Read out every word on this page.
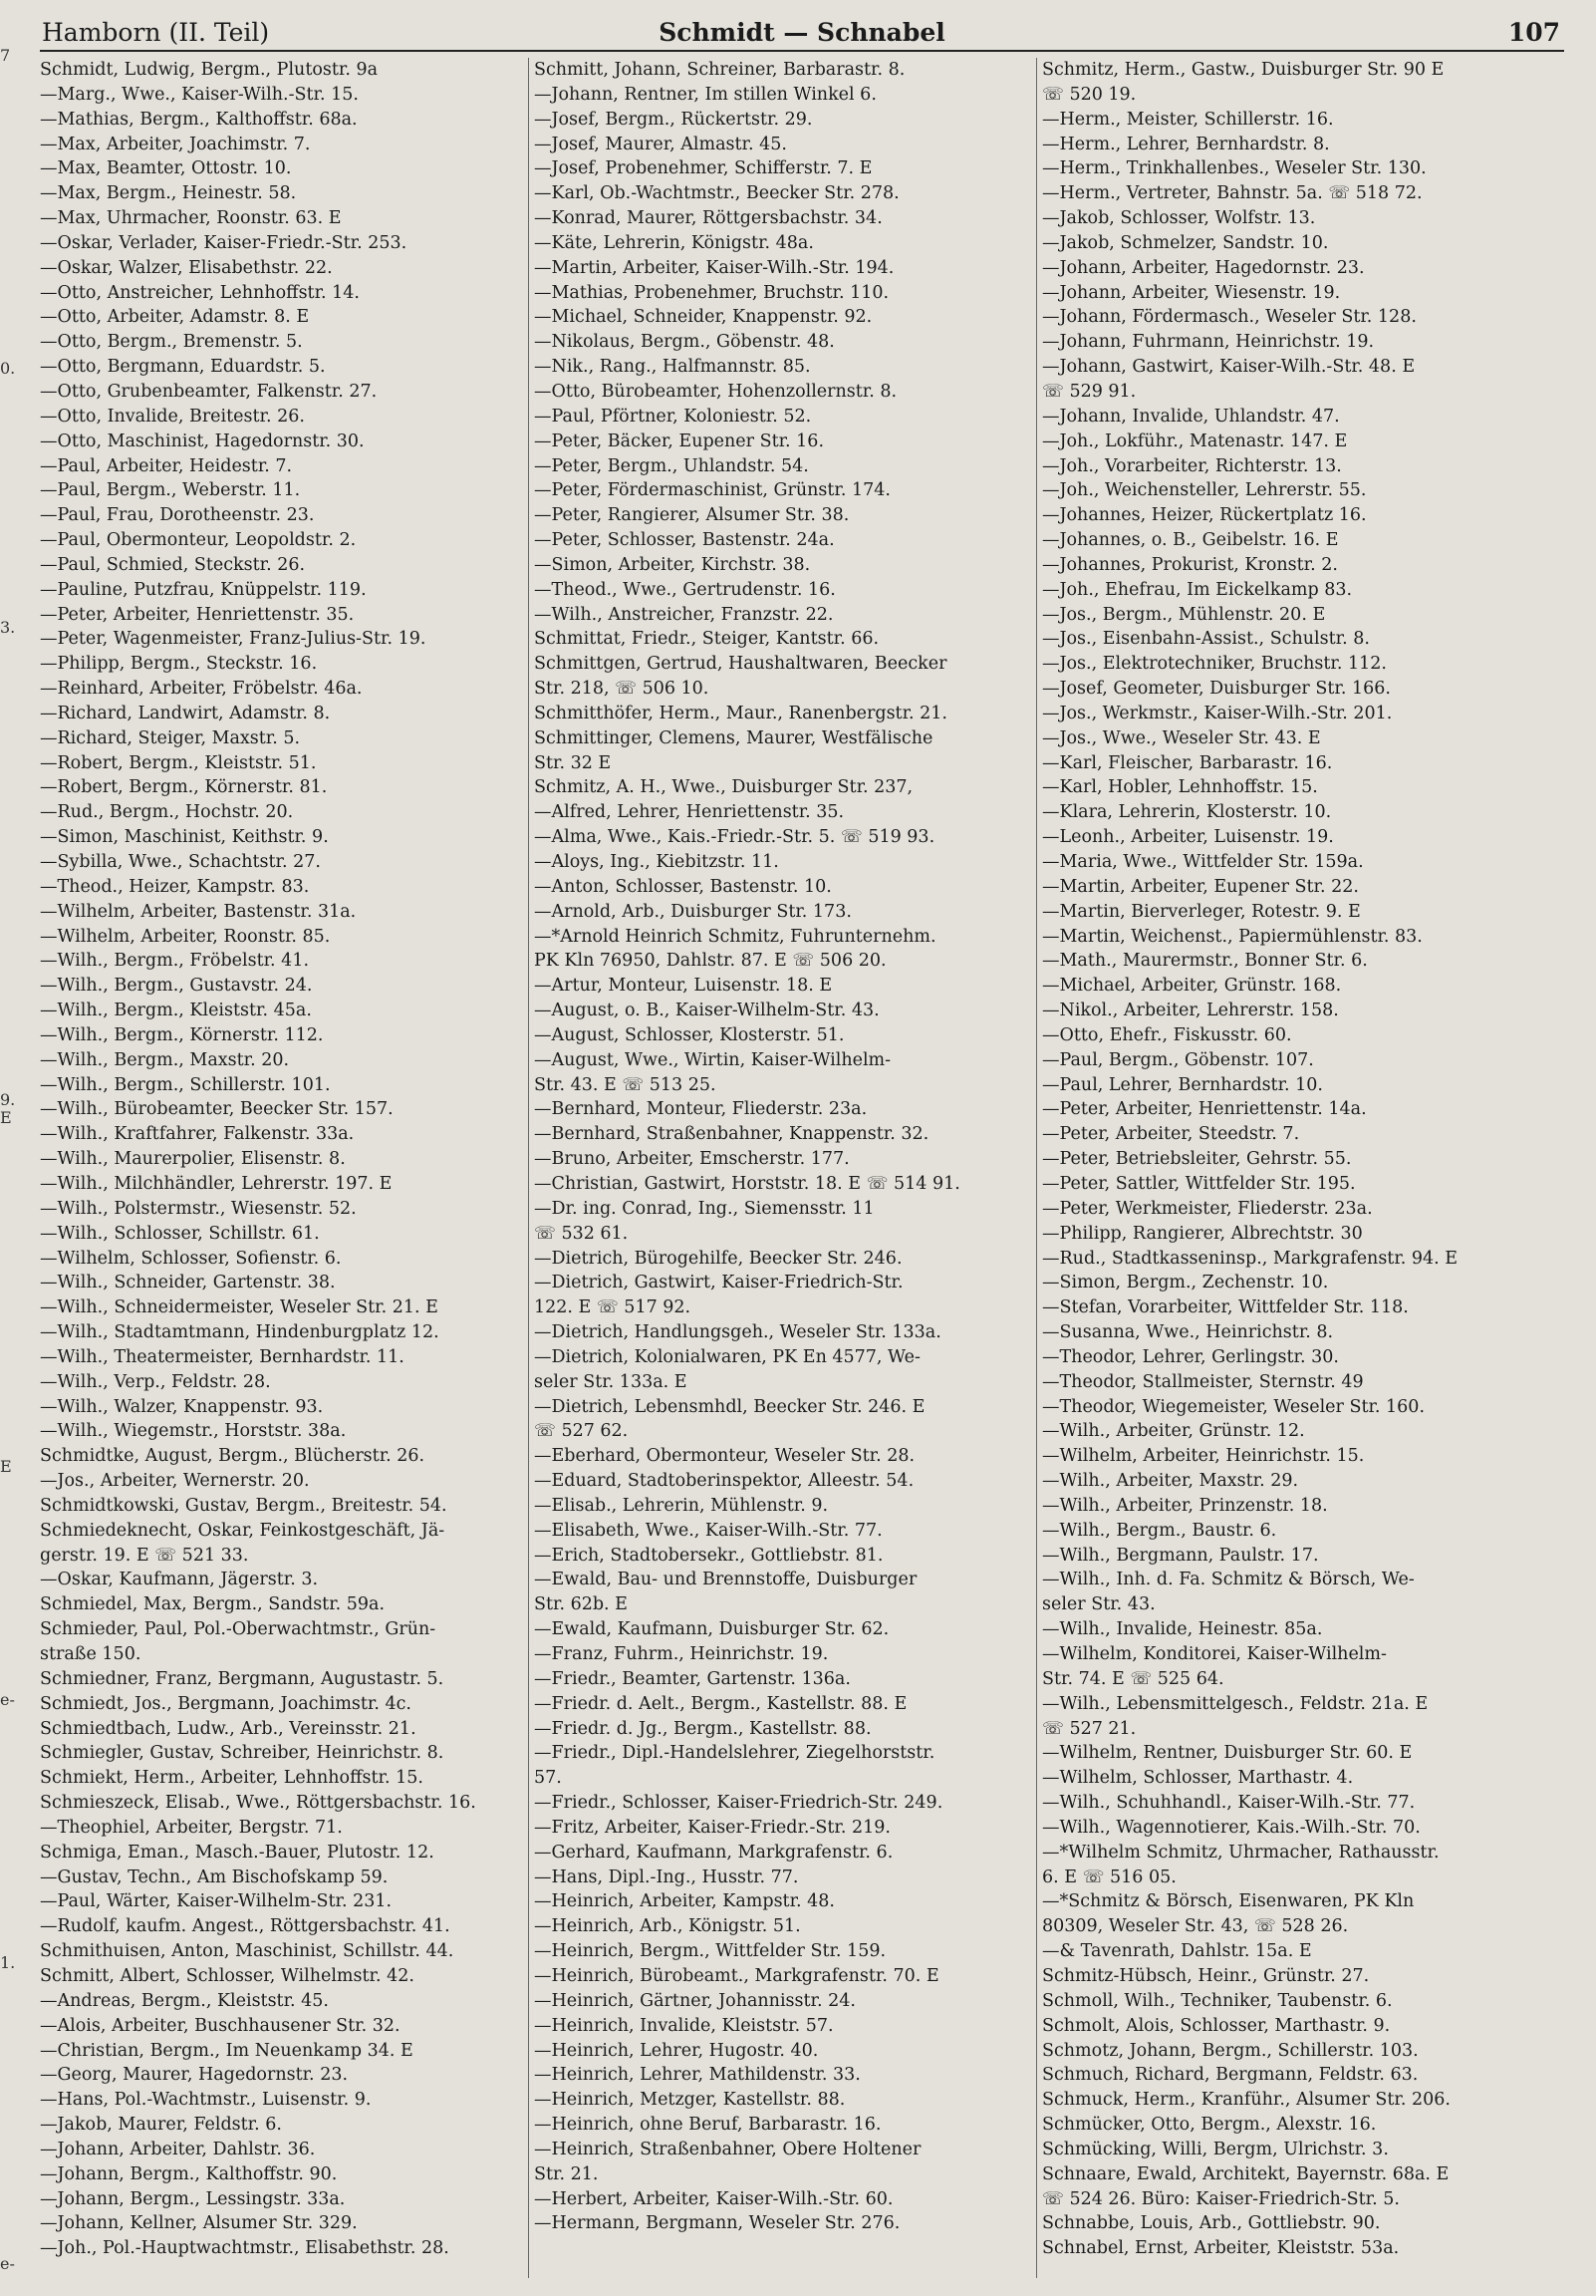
Hamborn (II. Teil)	Schmidt — Schnabel	107
7
0.
3.
9.
E
E
e-
1.
e-
Schmidt, Ludwig, Bergm., Plutostr. 9a
—Marg., Wwe., Kaiser-Wilh.-Str. 15.
—Mathias, Bergm., Kalthoffstr. 68a.
—Max, Arbeiter, Joachimstr. 7.
—Max, Beamter, Ottostr. 10.
—Max, Bergm., Heinestr. 58.
—Max, Uhrmacher, Roonstr. 63. E
—Oskar, Verlader, Kaiser-Friedr.-Str. 253.
—Oskar, Walzer, Elisabethstr. 22.
—Otto, Anstreicher, Lehnhoffstr. 14.
—Otto, Arbeiter, Adamstr. 8. E
—Otto, Bergm., Bremenstr. 5.
—Otto, Bergmann, Eduardstr. 5.
—Otto, Grubenbeamter, Falkenstr. 27.
—Otto, Invalide, Breitestr. 26.
—Otto, Maschinist, Hagedornstr. 30.
—Paul, Arbeiter, Heidestr. 7.
—Paul, Bergm., Weberstr. 11.
—Paul, Frau, Dorotheenstr. 23.
—Paul, Obermonteur, Leopoldstr. 2.
—Paul, Schmied, Steckstr. 26.
—Pauline, Putzfrau, Knüppelstr. 119.
—Peter, Arbeiter, Henriettenstr. 35.
—Peter, Wagenmeister, Franz-Julius-Str. 19.
—Philipp, Bergm., Steckstr. 16.
—Reinhard, Arbeiter, Fröbelstr. 46a.
—Richard, Landwirt, Adamstr. 8.
—Richard, Steiger, Maxstr. 5.
—Robert, Bergm., Kleiststr. 51.
—Robert, Bergm., Körnerstr. 81.
—Rud., Bergm., Hochstr. 20.
—Simon, Maschinist, Keithstr. 9.
—Sybilla, Wwe., Schachtstr. 27.
—Theod., Heizer, Kampstr. 83.
—Wilhelm, Arbeiter, Bastenstr. 31a.
—Wilhelm, Arbeiter, Roonstr. 85.
—Wilh., Bergm., Fröbelstr. 41.
—Wilh., Bergm., Gustavstr. 24.
—Wilh., Bergm., Kleiststr. 45a.
—Wilh., Bergm., Körnerstr. 112.
—Wilh., Bergm., Maxstr. 20.
—Wilh., Bergm., Schillerstr. 101.
—Wilh., Bürobeamter, Beecker Str. 157.
—Wilh., Kraftfahrer, Falkenstr. 33a.
—Wilh., Maurerpolier, Elisenstr. 8.
—Wilh., Milchhändler, Lehrerstr. 197. E
—Wilh., Polstermstr., Wiesenstr. 52.
—Wilh., Schlosser, Schillstr. 61.
—Wilhelm, Schlosser, Sofienstr. 6.
—Wilh., Schneider, Gartenstr. 38.
—Wilh., Schneidermeister, Weseler Str. 21. E
—Wilh., Stadtamtmann, Hindenburgplatz 12.
—Wilh., Theatermeister, Bernhardstr. 11.
—Wilh., Verp., Feldstr. 28.
—Wilh., Walzer, Knappenstr. 93.
—Wilh., Wiegemstr., Horststr. 38a.
Schmidtke, August, Bergm., Blücherstr. 26.
—Jos., Arbeiter, Wernerstr. 20.
Schmidtkowski, Gustav, Bergm., Breitestr. 54.
Schmiedeknecht, Oskar, Feinkostgeschäft, Jä-
gerstr. 19. E ☏ 521 33.
—Oskar, Kaufmann, Jägerstr. 3.
Schmiedel, Max, Bergm., Sandstr. 59a.
Schmieder, Paul, Pol.-Oberwachtmstr., Grün-
straße 150.
Schmiedner, Franz, Bergmann, Augustastr. 5.
Schmiedt, Jos., Bergmann, Joachimstr. 4c.
Schmiedtbach, Ludw., Arb., Vereinsstr. 21.
Schmiegler, Gustav, Schreiber, Heinrichstr. 8.
Schmiekt, Herm., Arbeiter, Lehnhoffstr. 15.
Schmieszeck, Elisab., Wwe., Röttgersbachstr. 16.
—Theophiel, Arbeiter, Bergstr. 71.
Schmiga, Eman., Masch.-Bauer, Plutostr. 12.
—Gustav, Techn., Am Bischofskamp 59.
—Paul, Wärter, Kaiser-Wilhelm-Str. 231.
—Rudolf, kaufm. Angest., Röttgersbachstr. 41.
Schmithuisen, Anton, Maschinist, Schillstr. 44.
Schmitt, Albert, Schlosser, Wilhelmstr. 42.
—Andreas, Bergm., Kleiststr. 45.
—Alois, Arbeiter, Buschhausener Str. 32.
—Christian, Bergm., Im Neuenkamp 34. E
—Georg, Maurer, Hagedornstr. 23.
—Hans, Pol.-Wachtmstr., Luisenstr. 9.
—Jakob, Maurer, Feldstr. 6.
—Johann, Arbeiter, Dahlstr. 36.
—Johann, Bergm., Kalthoffstr. 90.
—Johann, Bergm., Lessingstr. 33a.
—Johann, Kellner, Alsumer Str. 329.
—Joh., Pol.-Hauptwachtmstr., Elisabethstr. 28.
Schmitt, Johann, Schreiner, Barbarastr. 8.
—Johann, Rentner, Im stillen Winkel 6.
—Josef, Bergm., Rückertstr. 29.
—Josef, Maurer, Almastr. 45.
—Josef, Probenehmer, Schifferstr. 7. E
—Karl, Ob.-Wachtmstr., Beecker Str. 278.
—Konrad, Maurer, Röttgersbachstr. 34.
—Käte, Lehrerin, Königstr. 48a.
—Martin, Arbeiter, Kaiser-Wilh.-Str. 194.
—Mathias, Probenehmer, Bruchstr. 110.
—Michael, Schneider, Knappenstr. 92.
—Nikolaus, Bergm., Göbenstr. 48.
—Nik., Rang., Halfmannstr. 85.
—Otto, Bürobeamter, Hohenzollernstr. 8.
—Paul, Pförtner, Koloniestr. 52.
—Peter, Bäcker, Eupener Str. 16.
—Peter, Bergm., Uhlandstr. 54.
—Peter, Fördermaschinist, Grünstr. 174.
—Peter, Rangierer, Alsumer Str. 38.
—Peter, Schlosser, Bastenstr. 24a.
—Simon, Arbeiter, Kirchstr. 38.
—Theod., Wwe., Gertrudenstr. 16.
—Wilh., Anstreicher, Franzstr. 22.
Schmittat, Friedr., Steiger, Kantstr. 66.
Schmittgen, Gertrud, Haushaltwaren, Beecker
Str. 218, ☏ 506 10.
Schmitthöfer, Herm., Maur., Ranenbergstr. 21.
Schmittinger, Clemens, Maurer, Westfälische
Str. 32 E
Schmitz, A. H., Wwe., Duisburger Str. 237,
—Alfred, Lehrer, Henriettenstr. 35.
—Alma, Wwe., Kais.-Friedr.-Str. 5. ☏ 519 93.
—Aloys, Ing., Kiebitzstr. 11.
—Anton, Schlosser, Bastenstr. 10.
—Arnold, Arb., Duisburger Str. 173.
—*Arnold Heinrich Schmitz, Fuhrunternehm.
PK Kln 76950, Dahlstr. 87. E ☏ 506 20.
—Artur, Monteur, Luisenstr. 18. E
—August, o. B., Kaiser-Wilhelm-Str. 43.
—August, Schlosser, Klosterstr. 51.
—August, Wwe., Wirtin, Kaiser-Wilhelm-
Str. 43. E ☏ 513 25.
—Bernhard, Monteur, Fliederstr. 23a.
—Bernhard, Straßenbahner, Knappenstr. 32.
—Bruno, Arbeiter, Emscherstr. 177.
—Christian, Gastwirt, Horststr. 18. E ☏ 514 91.
—Dr. ing. Conrad, Ing., Siemensstr. 11
☏ 532 61.
—Dietrich, Bürogehilfe, Beecker Str. 246.
—Dietrich, Gastwirt, Kaiser-Friedrich-Str.
122. E ☏ 517 92.
—Dietrich, Handlungsgeh., Weseler Str. 133a.
—Dietrich, Kolonialwaren, PK En 4577, We-
seler Str. 133a. E
—Dietrich, Lebensmhdl, Beecker Str. 246. E
☏ 527 62.
—Eberhard, Obermonteur, Weseler Str. 28.
—Eduard, Stadtoberinspektor, Alleestr. 54.
—Elisab., Lehrerin, Mühlenstr. 9.
—Elisabeth, Wwe., Kaiser-Wilh.-Str. 77.
—Erich, Stadtobersekr., Gottliebstr. 81.
—Ewald, Bau- und Brennstoffe, Duisburger
Str. 62b. E
—Ewald, Kaufmann, Duisburger Str. 62.
—Franz, Fuhrm., Heinrichstr. 19.
—Friedr., Beamter, Gartenstr. 136a.
—Friedr. d. Aelt., Bergm., Kastellstr. 88. E
—Friedr. d. Jg., Bergm., Kastellstr. 88.
—Friedr., Dipl.-Handelslehrer, Ziegelhorststr.
57.
—Friedr., Schlosser, Kaiser-Friedrich-Str. 249.
—Fritz, Arbeiter, Kaiser-Friedr.-Str. 219.
—Gerhard, Kaufmann, Markgrafenstr. 6.
—Hans, Dipl.-Ing., Husstr. 77.
—Heinrich, Arbeiter, Kampstr. 48.
—Heinrich, Arb., Königstr. 51.
—Heinrich, Bergm., Wittfelder Str. 159.
—Heinrich, Bürobeamt., Markgrafenstr. 70. E
—Heinrich, Gärtner, Johannisstr. 24.
—Heinrich, Invalide, Kleiststr. 57.
—Heinrich, Lehrer, Hugostr. 40.
—Heinrich, Lehrer, Mathildenstr. 33.
—Heinrich, Metzger, Kastellstr. 88.
—Heinrich, ohne Beruf, Barbarastr. 16.
—Heinrich, Straßenbahner, Obere Holtener
Str. 21.
—Herbert, Arbeiter, Kaiser-Wilh.-Str. 60.
—Hermann, Bergmann, Weseler Str. 276.
Schmitz, Herm., Gastw., Duisburger Str. 90 E
☏ 520 19.
—Herm., Meister, Schillerstr. 16.
—Herm., Lehrer, Bernhardstr. 8.
—Herm., Trinkhallenbes., Weseler Str. 130.
—Herm., Vertreter, Bahnstr. 5a. ☏ 518 72.
—Jakob, Schlosser, Wolfstr. 13.
—Jakob, Schmelzer, Sandstr. 10.
—Johann, Arbeiter, Hagedornstr. 23.
—Johann, Arbeiter, Wiesenstr. 19.
—Johann, Fördermasch., Weseler Str. 128.
—Johann, Fuhrmann, Heinrichstr. 19.
—Johann, Gastwirt, Kaiser-Wilh.-Str. 48. E
☏ 529 91.
—Johann, Invalide, Uhlandstr. 47.
—Joh., Lokführ., Matenastr. 147. E
—Joh., Vorarbeiter, Richterstr. 13.
—Joh., Weichensteller, Lehrerstr. 55.
—Johannes, Heizer, Rückertplatz 16.
—Johannes, o. B., Geibelstr. 16. E
—Johannes, Prokurist, Kronstr. 2.
—Joh., Ehefrau, Im Eickelkamp 83.
—Jos., Bergm., Mühlenstr. 20. E
—Jos., Eisenbahn-Assist., Schulstr. 8.
—Jos., Elektrotechniker, Bruchstr. 112.
—Josef, Geometer, Duisburger Str. 166.
—Jos., Werkmstr., Kaiser-Wilh.-Str. 201.
—Jos., Wwe., Weseler Str. 43. E
—Karl, Fleischer, Barbarastr. 16.
—Karl, Hobler, Lehnhoffstr. 15.
—Klara, Lehrerin, Klosterstr. 10.
—Leonh., Arbeiter, Luisenstr. 19.
—Maria, Wwe., Wittfelder Str. 159a.
—Martin, Arbeiter, Eupener Str. 22.
—Martin, Bierverleger, Rotestr. 9. E
—Martin, Weichenst., Papiermühlenstr. 83.
—Math., Maurermstr., Bonner Str. 6.
—Michael, Arbeiter, Grünstr. 168.
—Nikol., Arbeiter, Lehrerstr. 158.
—Otto, Ehefr., Fiskusstr. 60.
—Paul, Bergm., Göbenstr. 107.
—Paul, Lehrer, Bernhardstr. 10.
—Peter, Arbeiter, Henriettenstr. 14a.
—Peter, Arbeiter, Steedstr. 7.
—Peter, Betriebsleiter, Gehrstr. 55.
—Peter, Sattler, Wittfelder Str. 195.
—Peter, Werkmeister, Fliederstr. 23a.
—Philipp, Rangierer, Albrechtstr. 30
—Rud., Stadtkasseninsp., Markgrafenstr. 94. E
—Simon, Bergm., Zechenstr. 10.
—Stefan, Vorarbeiter, Wittfelder Str. 118.
—Susanna, Wwe., Heinrichstr. 8.
—Theodor, Lehrer, Gerlingstr. 30.
—Theodor, Stallmeister, Sternstr. 49
—Theodor, Wiegemeister, Weseler Str. 160.
—Wilh., Arbeiter, Grünstr. 12.
—Wilhelm, Arbeiter, Heinrichstr. 15.
—Wilh., Arbeiter, Maxstr. 29.
—Wilh., Arbeiter, Prinzenstr. 18.
—Wilh., Bergm., Baustr. 6.
—Wilh., Bergmann, Paulstr. 17.
—Wilh., Inh. d. Fa. Schmitz & Börsch, We-
seler Str. 43.
—Wilh., Invalide, Heinestr. 85a.
—Wilhelm, Konditorei, Kaiser-Wilhelm-
Str. 74. E ☏ 525 64.
—Wilh., Lebensmittelgesch., Feldstr. 21a. E
☏ 527 21.
—Wilhelm, Rentner, Duisburger Str. 60. E
—Wilhelm, Schlosser, Marthastr. 4.
—Wilh., Schuhhandl., Kaiser-Wilh.-Str. 77.
—Wilh., Wagennotierer, Kais.-Wilh.-Str. 70.
—*Wilhelm Schmitz, Uhrmacher, Rathausstr.
6. E ☏ 516 05.
—*Schmitz & Börsch, Eisenwaren, PK Kln
80309, Weseler Str. 43, ☏ 528 26.
—& Tavenrath, Dahlstr. 15a. E
Schmitz-Hübsch, Heinr., Grünstr. 27.
Schmoll, Wilh., Techniker, Taubenstr. 6.
Schmolt, Alois, Schlosser, Marthastr. 9.
Schmotz, Johann, Bergm., Schillerstr. 103.
Schmuch, Richard, Bergmann, Feldstr. 63.
Schmuck, Herm., Kranführ., Alsumer Str. 206.
Schmücker, Otto, Bergm., Alexstr. 16.
Schmücking, Willi, Bergm, Ulrichstr. 3.
Schnaare, Ewald, Architekt, Bayernstr. 68a. E
☏ 524 26. Büro: Kaiser-Friedrich-Str. 5.
Schnabbe, Louis, Arb., Gottliebstr. 90.
Schnabel, Ernst, Arbeiter, Kleiststr. 53a.
